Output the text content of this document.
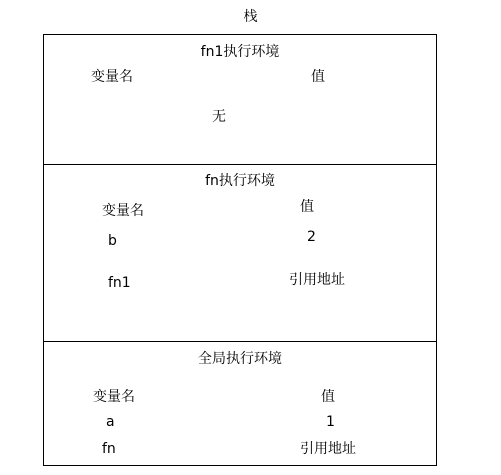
栈
fn1执行环境
变量名	值
无
fn执行环境
变量名	值
b	2
fn1	引用地址
全局执行环境
变量名	值
a	1
fn	引用地址
